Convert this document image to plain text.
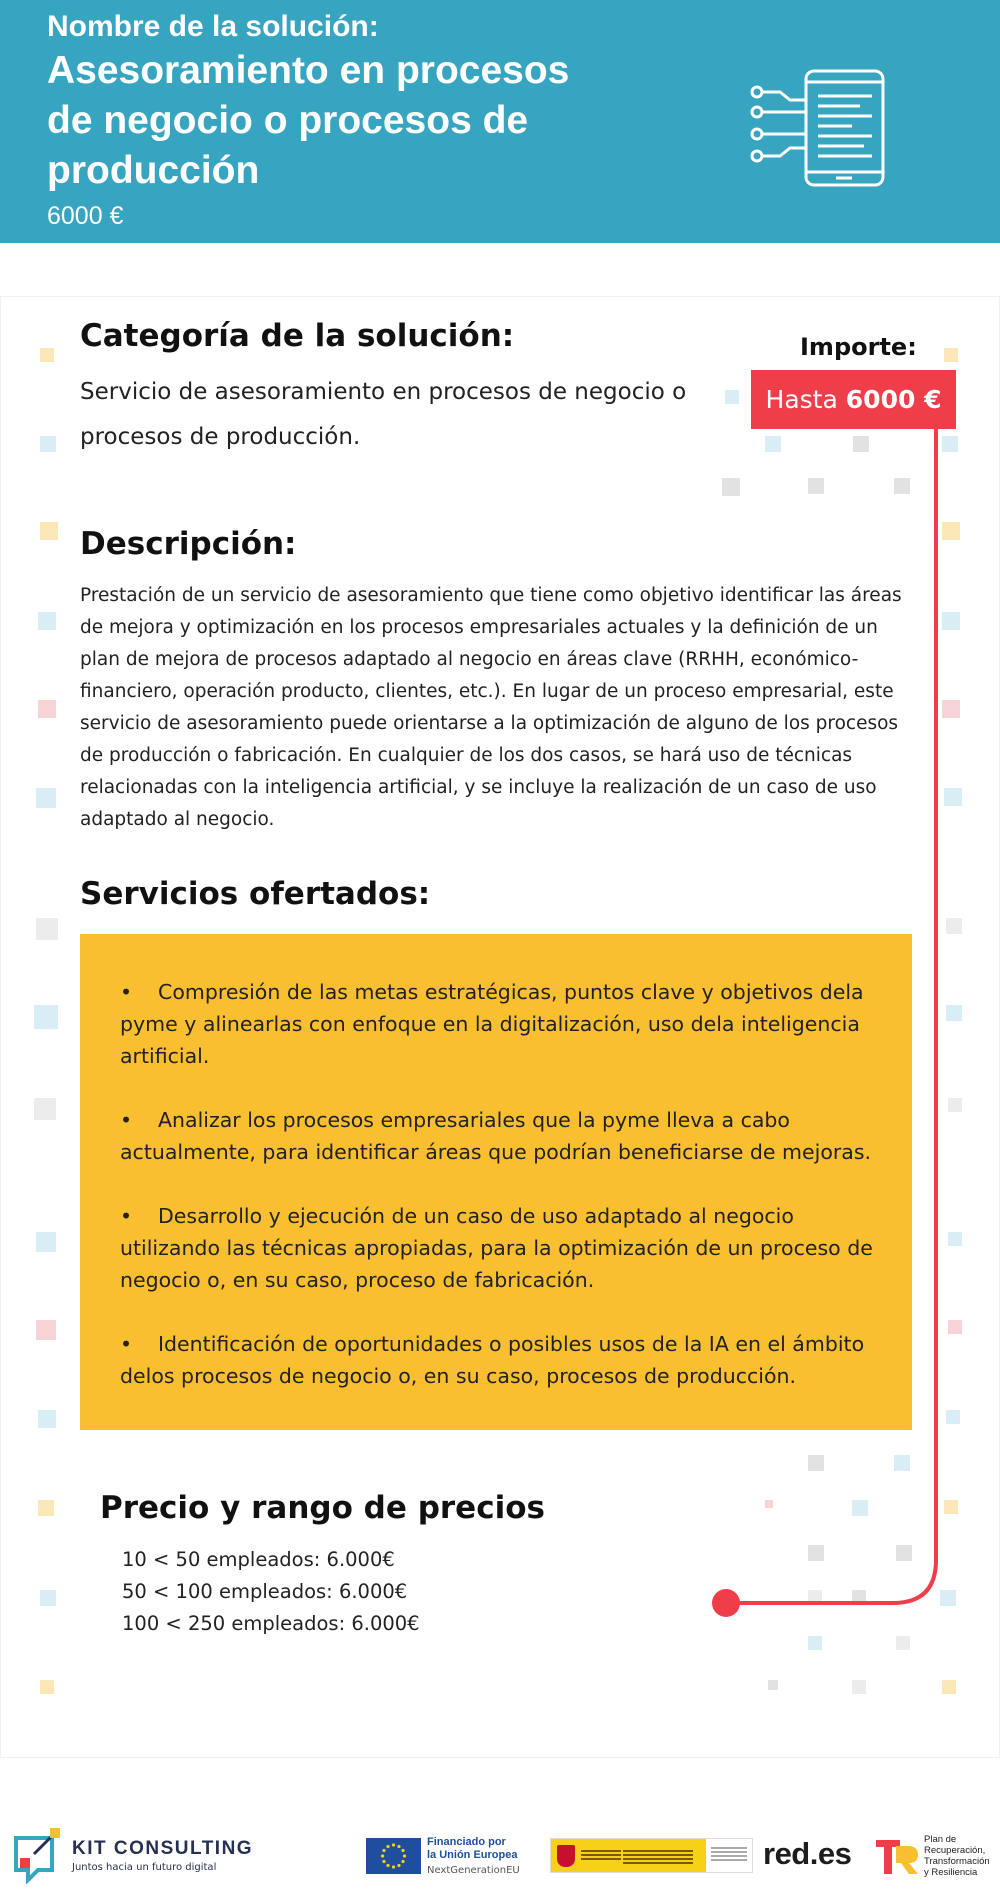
Nombre de la solución:
Asesoramiento en procesos de negocio o procesos de producción
6000 €
Categoría de la solución:
Servicio de asesoramiento en procesos de negocio o procesos de producción.
Importe:
Hasta 6000 €
Descripción:
Prestación de un servicio de asesoramiento que tiene como objetivo identificar las áreas de mejora y optimización en los procesos empresariales actuales y la definición de un plan de mejora de procesos adaptado al negocio en áreas clave (RRHH, económico-financiero, operación producto, clientes, etc.). En lugar de un proceso empresarial, este servicio de asesoramiento puede orientarse a la optimización de alguno de los procesos de producción o fabricación. En cualquier de los dos casos, se hará uso de técnicas relacionadas con la inteligencia artificial, y se incluye la realización de un caso de uso adaptado al negocio.
Servicios ofertados:
• Compresión de las metas estratégicas, puntos clave y objetivos dela pyme y alinearlas con enfoque en la digitalización, uso dela inteligencia artificial.
• Analizar los procesos empresariales que la pyme lleva a cabo actualmente, para identificar áreas que podrían beneficiarse de mejoras.
• Desarrollo y ejecución de un caso de uso adaptado al negocio utilizando las técnicas apropiadas, para la optimización de un proceso de negocio o, en su caso, proceso de fabricación.
• Identificación de oportunidades o posibles usos de la IA en el ámbito delos procesos de negocio o, en su caso, procesos de producción.
Precio y rango de precios
10 < 50 empleados: 6.000€
50 < 100 empleados: 6.000€
100 < 250 empleados: 6.000€
KIT CONSULTING
Juntos hacia un futuro digital
Financiado por
la Unión Europea
NextGenerationEU	red.es	Plan de
Recuperación,
Transformación
y Resiliencia
